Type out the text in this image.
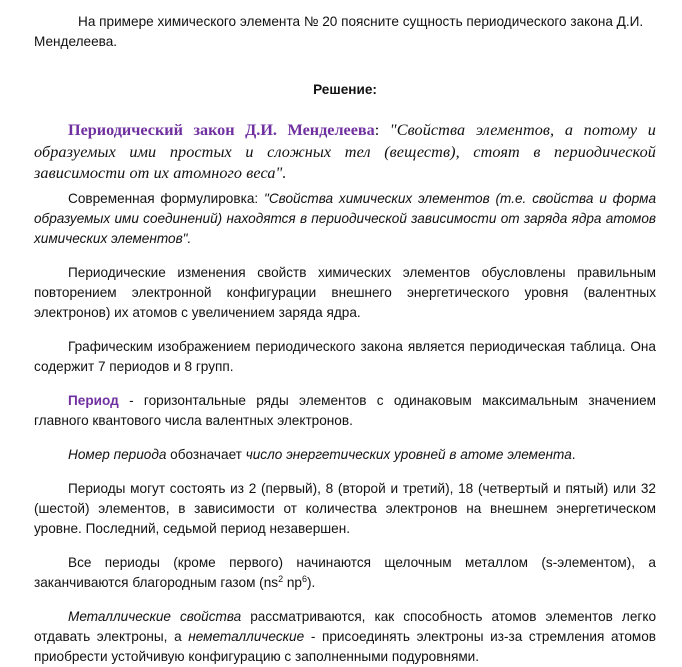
На примере химического элемента № 20 поясните сущность периодического закона Д.И. Менделеева.

Решение:

Периодический закон Д.И. Менделеева: "Свойства элементов, а потому и образуемых ими простых и сложных тел (веществ), стоят в периодической зависимости от их атомного веса".

Современная формулировка: "Свойства химических элементов (т.е. свойства и форма образуемых ими соединений) находятся в периодической зависимости от заряда ядра атомов химических элементов".

Периодические изменения свойств химических элементов обусловлены правильным повторением электронной конфигурации внешнего энергетического уровня (валентных электронов) их атомов с увеличением заряда ядра.

Графическим изображением периодического закона является периодическая таблица. Она содержит 7 периодов и 8 групп.

Период - горизонтальные ряды элементов с одинаковым максимальным значением главного квантового числа валентных электронов.

Номер периода обозначает число энергетических уровней в атоме элемента.

Периоды могут состоять из 2 (первый), 8 (второй и третий), 18 (четвертый и пятый) или 32 (шестой) элементов, в зависимости от количества электронов на внешнем энергетическом уровне. Последний, седьмой период незавершен.

Все периоды (кроме первого) начинаются щелочным металлом (s-элементом), а заканчиваются благородным газом ($ns^2$ $np^6$).

Металлические свойства рассматриваются, как способность атомов элементов легко отдавать электроны, а неметаллические - присоединять электроны из-за стремления атомов приобрести устойчивую конфигурацию с заполненными подуровнями.
